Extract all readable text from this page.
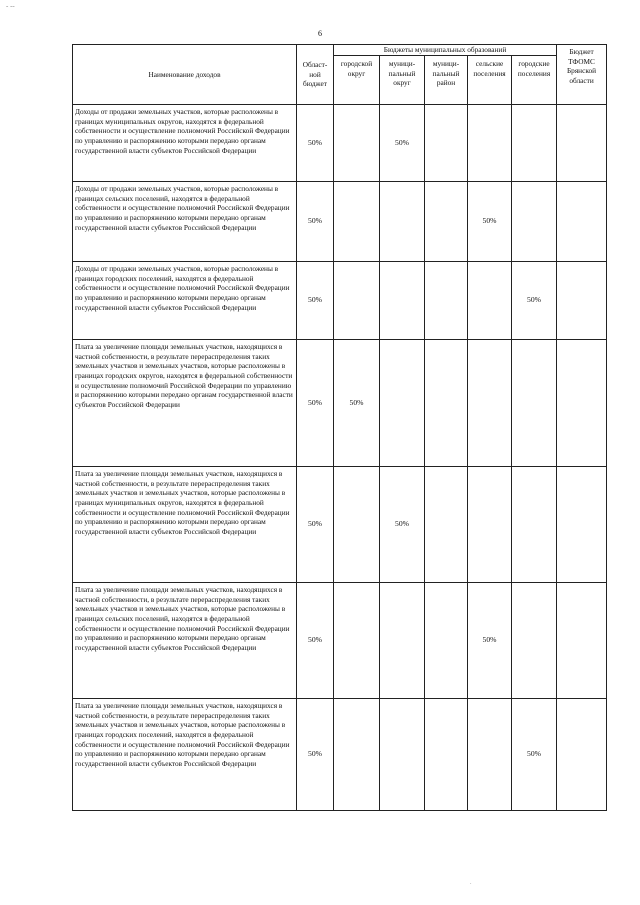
- --
6
Наименование доходов	Област-
ной
бюджет	Бюджеты муниципальных образований					Бюджет
ТФОМС
Брянской
области
		городской
округ	муници-
пальный
округ	муници-
пальный
район	сельские
поселения	городские
поселения	

Доходы от продажи земельных участков, которые расположены в границах муниципальных округов, находятся в федеральной собственности и осуществление полномочий Российской Федерации по управлению и распоряжению которыми передано органам государственной власти субъектов Российской Федерации	50%		50%				

Доходы от продажи земельных участков, которые расположены в границах сельских поселений, находятся в федеральной собственности и осуществление полномочий Российской Федерации по управлению и распоряжению которыми передано органам государственной власти субъектов Российской Федерации	50%				50%		

Доходы от продажи земельных участков, которые расположены в границах городских поселений, находятся в федеральной собственности и осуществление полномочий Российской Федерации по управлению и распоряжению которыми передано органам государственной власти субъектов Российской Федерации	50%					50%	

Плата за увеличение площади земельных участков, находящихся в частной собственности, в результате перераспределения таких земельных участков и земельных участков, которые расположены в границах городских округов, находятся в федеральной собственности и осуществление полномочий Российской Федерации по управлению и распоряжению которыми передано органам государственной власти субъектов Российской Федерации	50%	50%					

Плата за увеличение площади земельных участков, находящихся в частной собственности, в результате перераспределения таких земельных участков и земельных участков, которые расположены в границах муниципальных округов, находятся в федеральной собственности и осуществление полномочий Российской Федерации по управлению и распоряжению которыми передано органам государственной власти субъектов Российской Федерации	50%		50%				

Плата за увеличение площади земельных участков, находящихся в частной собственности, в результате перераспределения таких земельных участков и земельных участков, которые расположены в границах сельских поселений, находятся в федеральной собственности и осуществление полномочий Российской Федерации по управлению и распоряжению которыми передано органам государственной власти субъектов Российской Федерации	50%				50%		

Плата за увеличение площади земельных участков, находящихся в частной собственности, в результате перераспределения таких земельных участков и земельных участков, которые расположены в границах городских поселений, находятся в федеральной собственности и осуществление полномочий Российской Федерации по управлению и распоряжению которыми передано органам государственной власти субъектов Российской Федерации	50%					50%	
.
